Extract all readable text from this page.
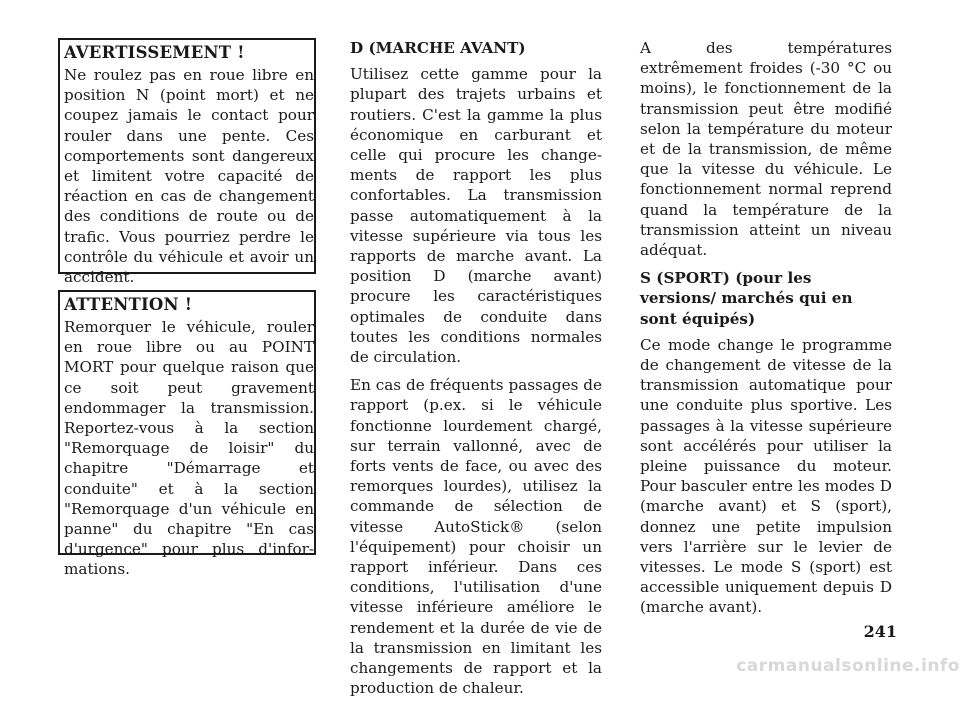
AVERTISSEMENT !

Ne roulez pas en roue libre en position N (point mort) et ne coupez jamais le contact pour rouler dans une pente. Ces comportements sont dangereux et limitent votre capacité de réaction en cas de changement des conditions de route ou de trafic. Vous pourriez perdre le contrôle du véhicule et avoir un accident.

ATTENTION !

Remorquer le véhicule, rouler en roue libre ou au POINT MORT pour quelque raison que ce soit peut gravement endommager la transmission. Reportez-vous à la section "Remorquage de loisir" du chapitre "Démarrage et conduite" et à la section "Remorquage d'un véhicule en panne" du chapitre "En cas d'urgence" pour plus d'informations.

D (MARCHE AVANT)

Utilisez cette gamme pour la plupart des trajets urbains et routiers. C'est la gamme la plus économique en carburant et celle qui procure les changements de rapport les plus confortables. La transmission passe automatiquement à la vitesse supérieure via tous les rapports de marche avant. La position D (marche avant) procure les caractéristiques optimales de conduite dans toutes les conditions normales de circulation.

En cas de fréquents passages de rapport (p.ex. si le véhicule fonctionne lourdement chargé, sur terrain vallonné, avec de forts vents de face, ou avec des remorques lourdes), utilisez la commande de sélection de vitesse AutoStick® (selon l'équipement) pour choisir un rapport inférieur. Dans ces conditions, l'utilisation d'une vitesse inférieure améliore le rendement et la durée de vie de la transmission en limitant les changements de rapport et la production de chaleur.

A des températures extrêmement froides (-30 °C ou moins), le fonctionnement de la transmission peut être modifié selon la température du moteur et de la transmission, de même que la vitesse du véhicule. Le fonctionnement normal reprend quand la température de la transmission atteint un niveau adéquat.

S (SPORT) (pour les versions/ marchés qui en sont équipés)

Ce mode change le programme de changement de vitesse de la transmission automatique pour une conduite plus sportive. Les passages à la vitesse supérieure sont accélérés pour utiliser la pleine puissance du moteur. Pour basculer entre les modes D (marche avant) et S (sport), donnez une petite impulsion vers l'arrière sur le levier de vitesses. Le mode S (sport) est accessible uniquement depuis D (marche avant).

241
carmanualsonline.info
